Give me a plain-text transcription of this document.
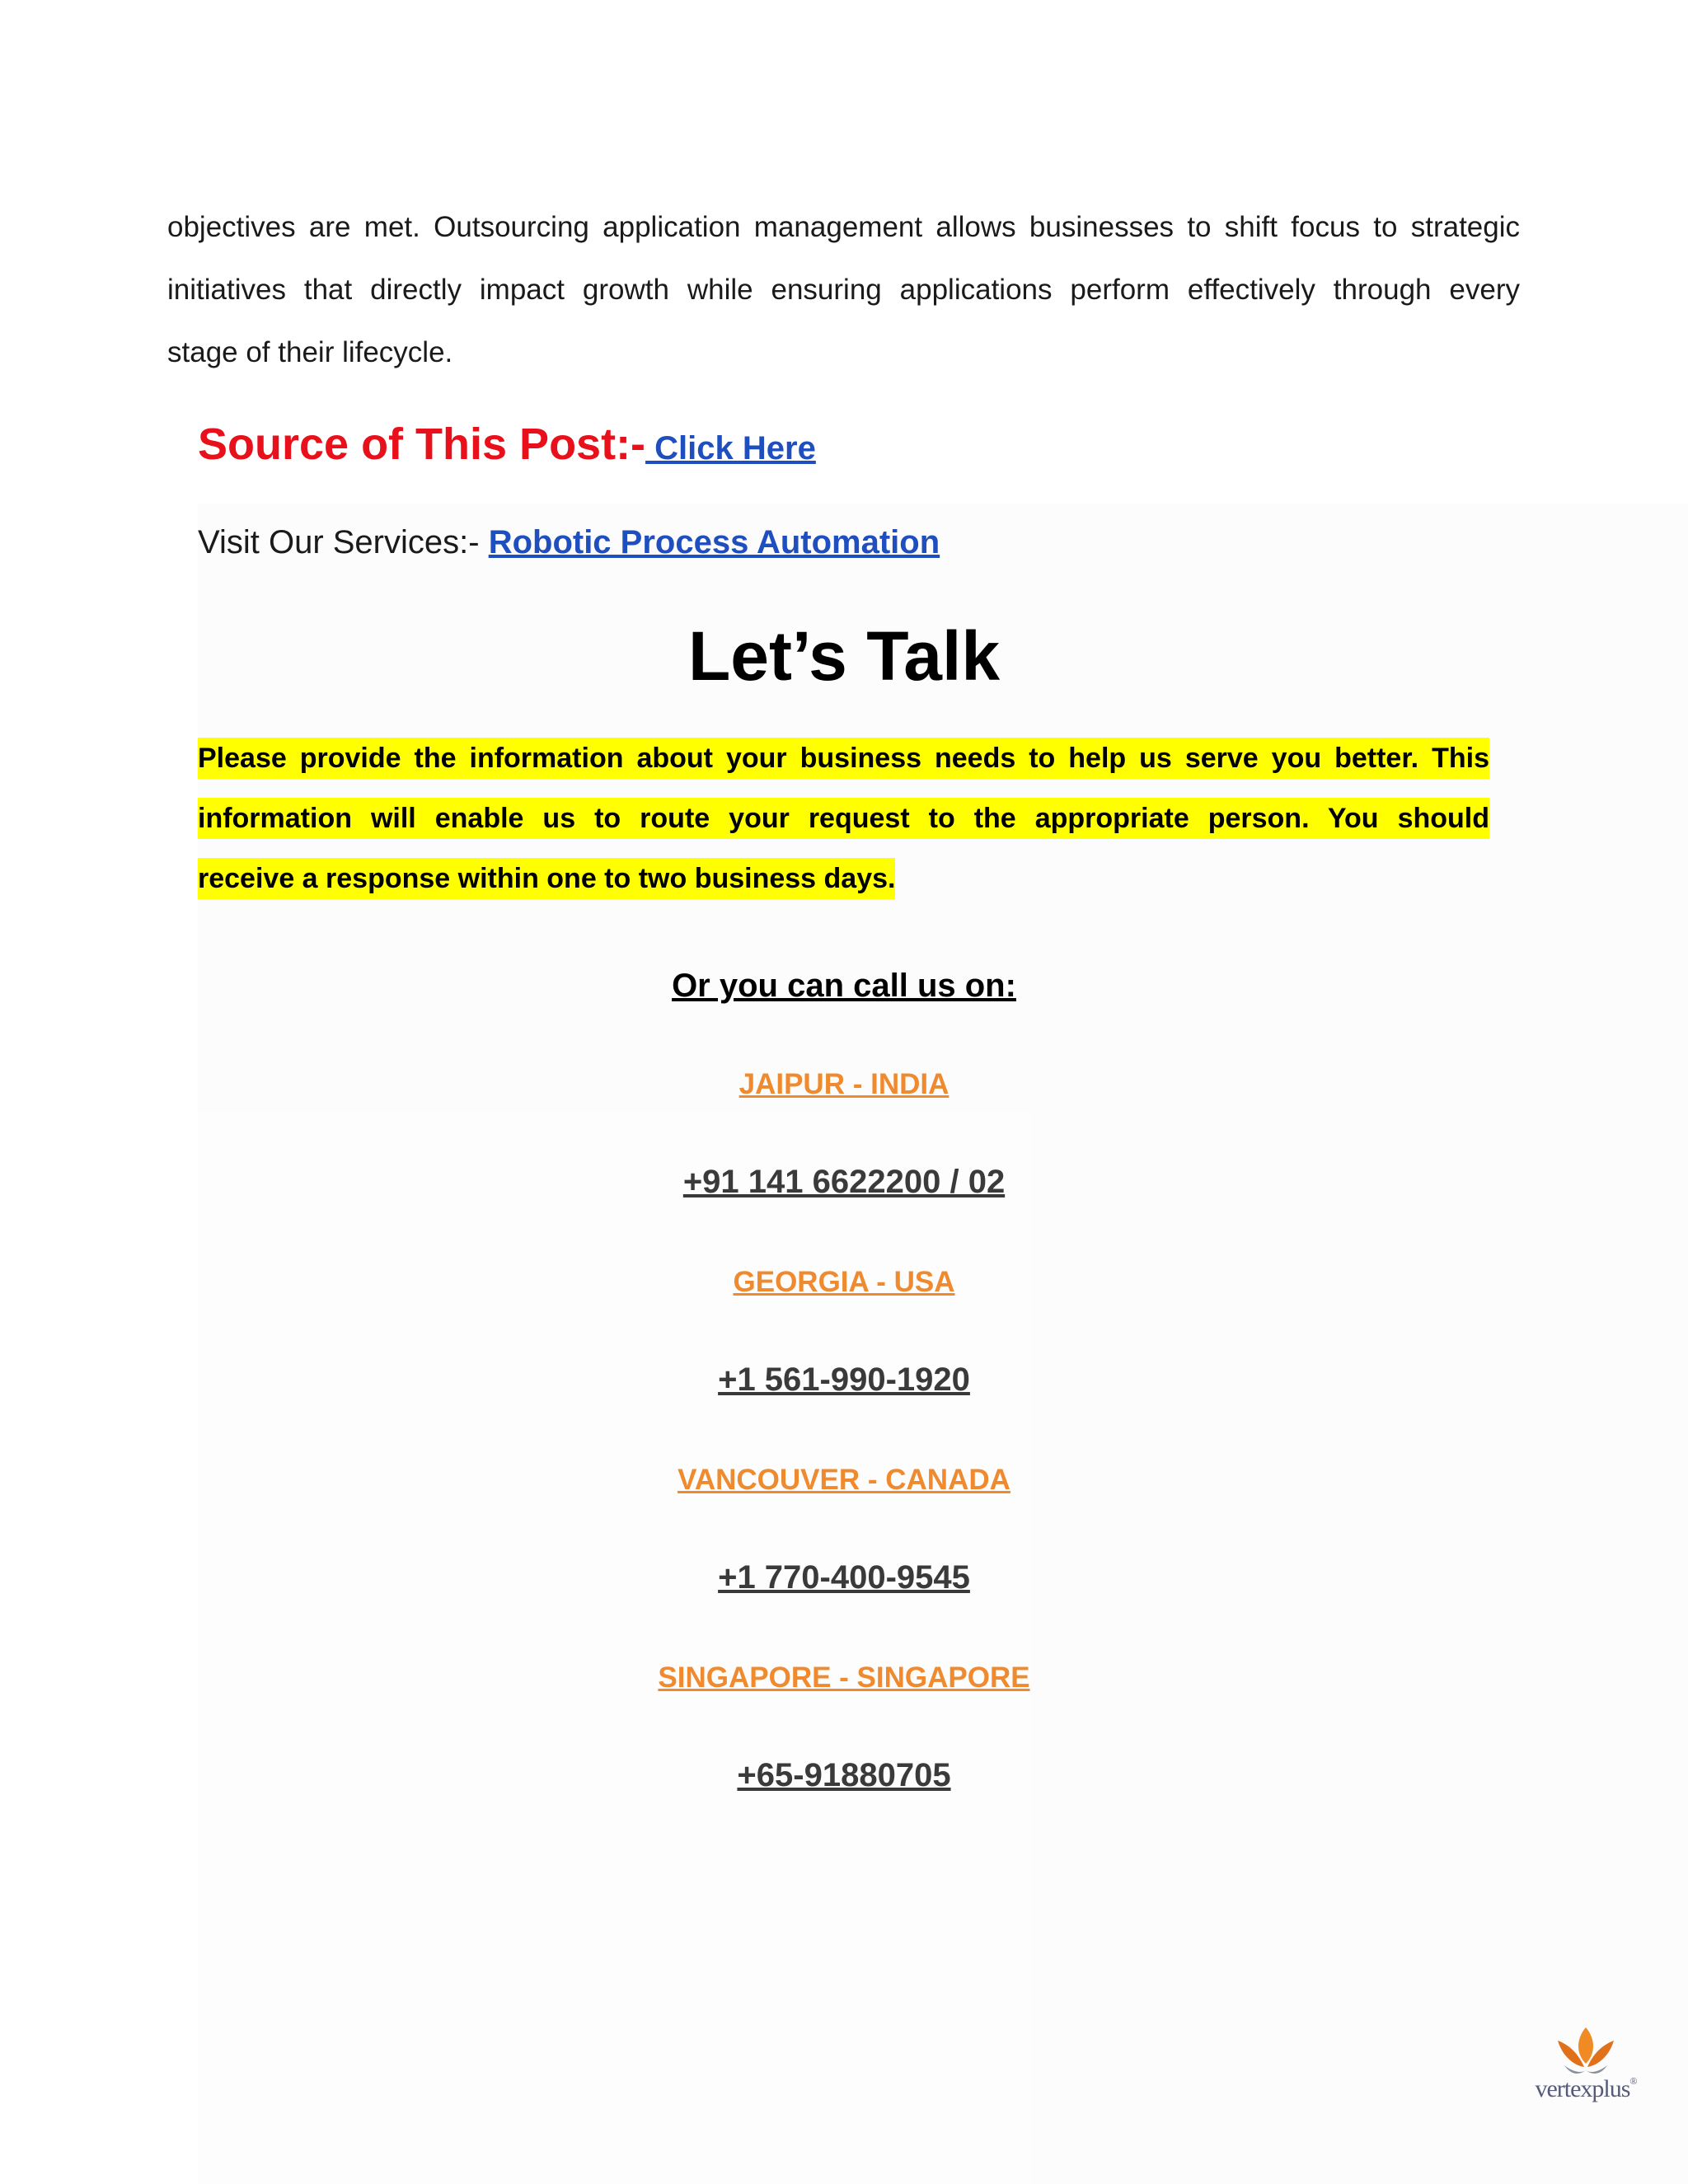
objectives are met. Outsourcing application management allows businesses to shift focus to strategic
initiatives that directly impact growth while ensuring applications perform effectively through every
stage of their lifecycle.
Source of This Post:- Click Here
Visit Our Services:- Robotic Process Automation
Let’s Talk
Please provide the information about your business needs to help us serve you better. This
information will enable us to route your request to the appropriate person. You should
receive a response within one to two business days.
Or you can call us on:
JAIPUR - INDIA
+91 141 6622200 / 02
GEORGIA - USA
+1 561-990-1920
VANCOUVER - CANADA
+1 770-400-9545
SINGAPORE - SINGAPORE
+65-91880705
vertexplus®
